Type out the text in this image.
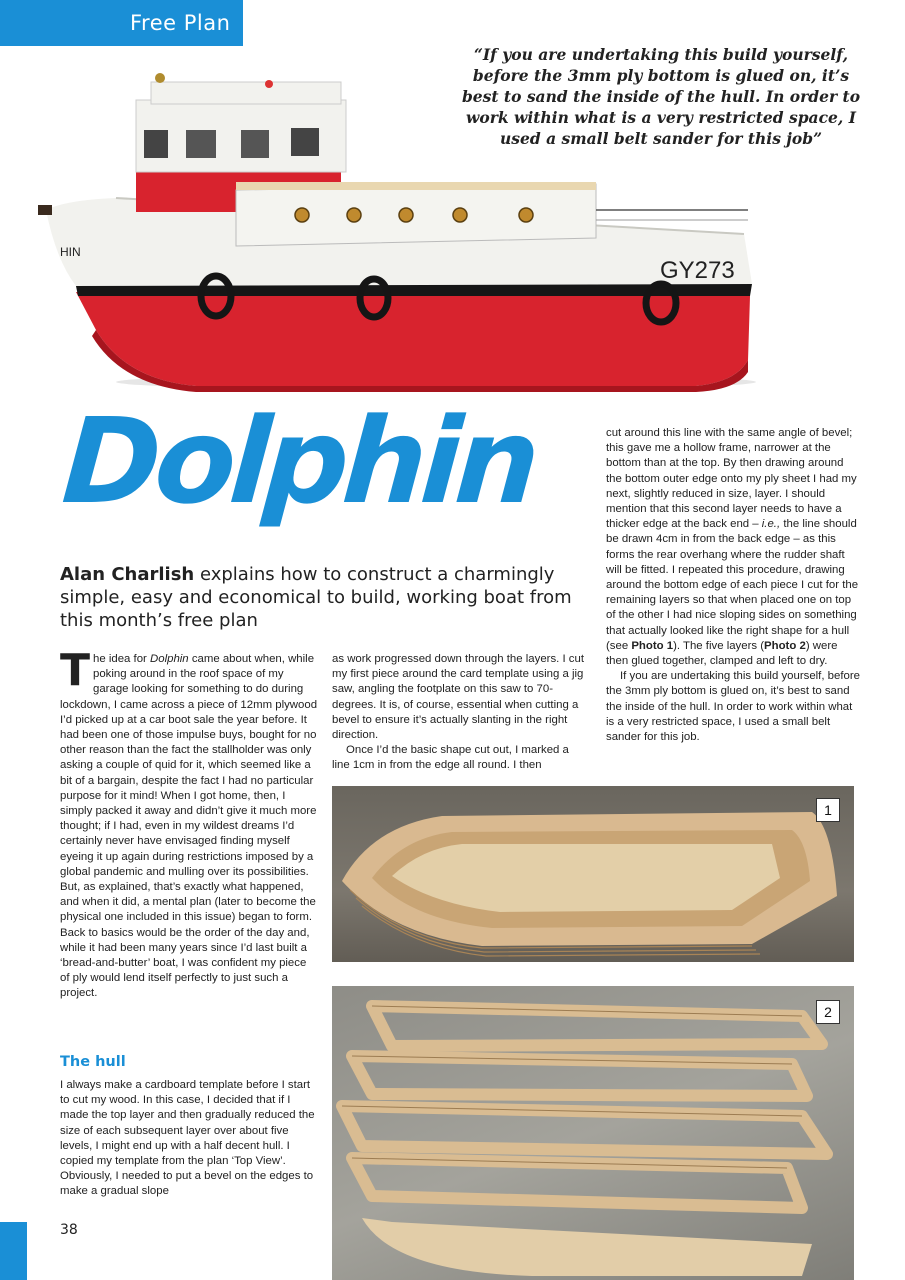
Free Plan
“If you are undertaking this build yourself, before the 3mm ply bottom is glued on, it’s best to sand the inside of the hull. In order to work within what is a very restricted space, I used a small belt sander for this job”
GY273
HIN
Dolphin
Alan Charlish explains how to construct a charmingly simple, easy and economical to build, working boat from this month’s free plan

The idea for Dolphin came about when, while poking around in the roof space of my garage looking for something to do during lockdown, I came across a piece of 12mm plywood I’d picked up at a car boot sale the year before. It had been one of those impulse buys, bought for no other reason than the fact the stallholder was only asking a couple of quid for it, which seemed like a bit of a bargain, despite the fact I had no particular purpose for it mind! When I got home, then, I simply packed it away and didn’t give it much more thought; if I had, even in my wildest dreams I’d certainly never have envisaged finding myself eyeing it up again during restrictions imposed by a global pandemic and mulling over its possibilities. But, as explained, that’s exactly what happened, and when it did, a mental plan (later to become the physical one included in this issue) began to form. Back to basics would be the order of the day and, while it had been many years since I’d last built a ‘bread-and-butter’ boat, I was confident my piece of ply would lend itself perfectly to just such a project.

The hull

I always make a cardboard template before I start to cut my wood. In this case, I decided that if I made the top layer and then gradually reduced the size of each subsequent layer over about five levels, I might end up with a half decent hull. I copied my template from the plan ‘Top View’. Obviously, I needed to put a bevel on the edges to make a gradual slope

as work progressed down through the layers. I cut my first piece around the card template using a jig saw, angling the footplate on this saw to 70-degrees. It is, of course, essential when cutting a bevel to ensure it’s actually slanting in the right direction.

Once I’d the basic shape cut out, I marked a line 1cm in from the edge all round. I then

cut around this line with the same angle of bevel; this gave me a hollow frame, narrower at the bottom than at the top. By then drawing around the bottom outer edge onto my ply sheet I had my next, slightly reduced in size, layer. I should mention that this second layer needs to have a thicker edge at the back end – i.e., the line should be drawn 4cm in from the back edge – as this forms the rear overhang where the rudder shaft will be fitted. I repeated this procedure, drawing around the bottom edge of each piece I cut for the remaining layers so that when placed one on top of the other I had nice sloping sides on something that actually looked like the right shape for a hull (see Photo 1). The five layers (Photo 2) were then glued together, clamped and left to dry.

If you are undertaking this build yourself, before the 3mm ply bottom is glued on, it’s best to sand the inside of the hull. In order to work within what is a very restricted space, I used a small belt sander for this job.

1
2
38
